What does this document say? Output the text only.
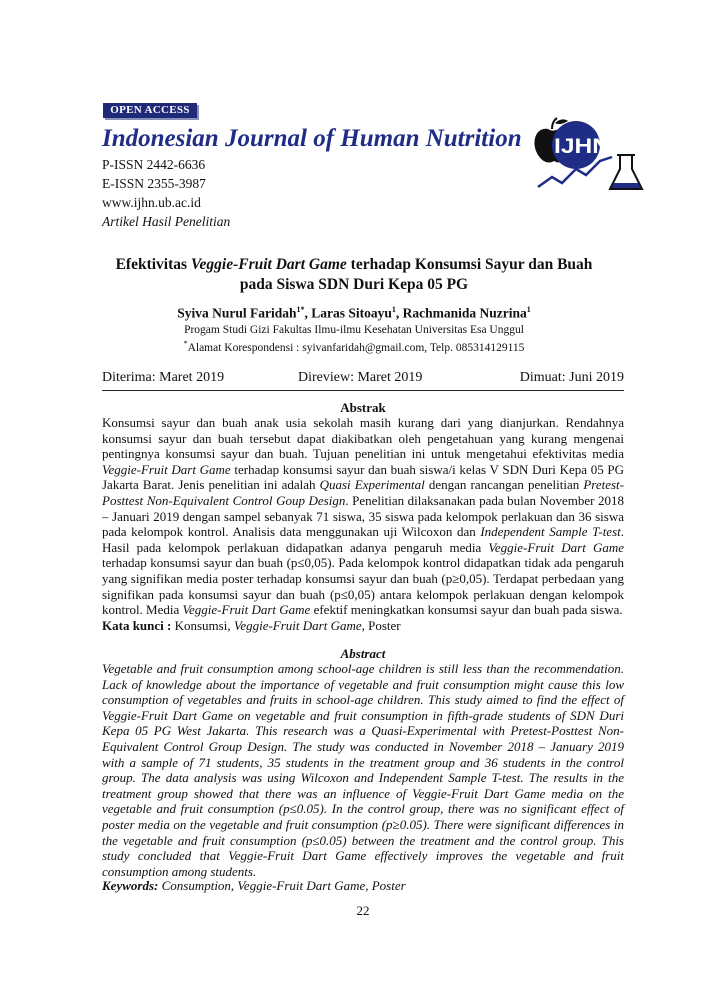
OPEN ACCESS
Indonesian Journal of Human Nutrition
P-ISSN 2442-6636
E-ISSN 2355-3987
www.ijhn.ub.ac.id
Artikel Hasil Penelitian
IJHN
Efektivitas Veggie-Fruit Dart Game terhadap Konsumsi Sayur dan Buah
pada Siswa SDN Duri Kepa 05 PG
Syiva Nurul Faridah$^{1*}$, Laras Sitoayu$^1$, Rachmanida Nuzrina$^1$
Progam Studi Gizi Fakultas Ilmu-ilmu Kesehatan Universitas Esa Unggul
*Alamat Korespondensi : syivanfaridah@gmail.com, Telp. 085314129115
Diterima: Maret 2019	Direview: Maret 2019	Dimuat: Juni 2019
Abstrak
Konsumsi sayur dan buah anak usia sekolah masih kurang dari yang dianjurkan. Rendahnya konsumsi sayur dan buah tersebut dapat diakibatkan oleh pengetahuan yang kurang mengenai pentingnya konsumsi sayur dan buah. Tujuan penelitian ini untuk mengetahui efektivitas media Veggie-Fruit Dart Game terhadap konsumsi sayur dan buah siswa/i kelas V SDN Duri Kepa 05 PG Jakarta Barat. Jenis penelitian ini adalah Quasi Experimental dengan rancangan penelitian Pretest-Posttest Non-Equivalent Control Goup Design. Penelitian dilaksanakan pada bulan November 2018 – Januari 2019 dengan sampel sebanyak 71 siswa, 35 siswa pada kelompok perlakuan dan 36 siswa pada kelompok kontrol. Analisis data menggunakan uji Wilcoxon dan Independent Sample T-test. Hasil pada kelompok perlakuan didapatkan adanya pengaruh media Veggie-Fruit Dart Game terhadap konsumsi sayur dan buah (p≤0,05). Pada kelompok kontrol didapatkan tidak ada pengaruh yang signifikan media poster terhadap konsumsi sayur dan buah (p≥0,05). Terdapat perbedaan yang signifikan pada konsumsi sayur dan buah (p≤0,05) antara kelompok perlakuan dengan kelompok kontrol. Media Veggie-Fruit Dart Game efektif meningkatkan konsumsi sayur dan buah pada siswa.
Kata kunci : Konsumsi, Veggie-Fruit Dart Game, Poster
Abstract
Vegetable and fruit consumption among school-age children is still less than the recommendation. Lack of knowledge about the importance of vegetable and fruit consumption might cause this low consumption of vegetables and fruits in school-age children. This study aimed to find the effect of Veggie-Fruit Dart Game on vegetable and fruit consumption in fifth-grade students of SDN Duri Kepa 05 PG West Jakarta. This research was a Quasi-Experimental with Pretest-Posttest Non-Equivalent Control Group Design. The study was conducted in November 2018 – January 2019 with a sample of 71 students, 35 students in the treatment group and 36 students in the control group. The data analysis was using Wilcoxon and Independent Sample T-test. The results in the treatment group showed that there was an influence of Veggie-Fruit Dart Game media on the vegetable and fruit consumption (p≤0.05). In the control group, there was no significant effect of poster media on the vegetable and fruit consumption (p≥0.05). There were significant differences in the vegetable and fruit consumption (p≤0.05) between the treatment and the control group. This study concluded that Veggie-Fruit Dart Game effectively improves the vegetable and fruit consumption among students.
Keywords: Consumption, Veggie-Fruit Dart Game, Poster
22
